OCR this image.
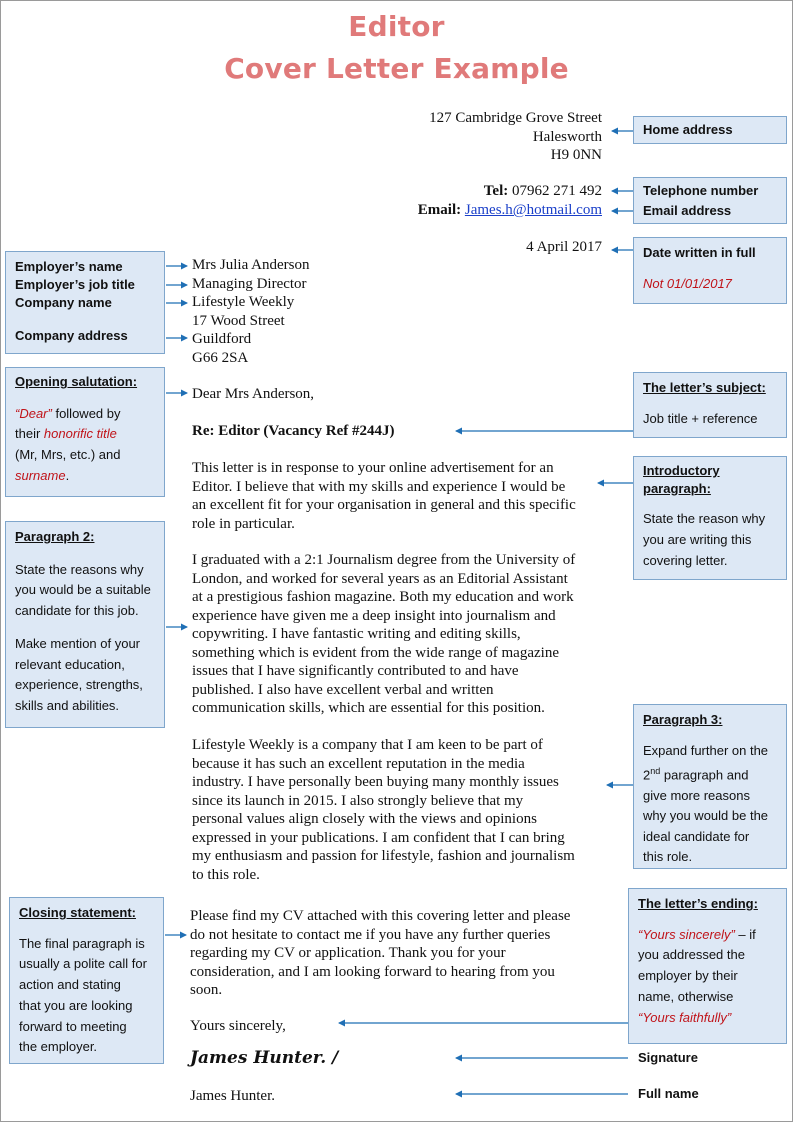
Editor
Cover Letter Example
127 Cambridge Grove Street
Halesworth
H9 0NN
Tel: 07962 271 492
Email: James.h@hotmail.com
4 April 2017
Mrs Julia Anderson
Managing Director
Lifestyle Weekly
17 Wood Street
Guildford
G66 2SA
Dear Mrs Anderson,
Re: Editor (Vacancy Ref #244J)
This letter is in response to your online advertisement for an
Editor. I believe that with my skills and experience I would be
an excellent fit for your organisation in general and this specific
role in particular.
I graduated with a 2:1 Journalism degree from the University of
London, and worked for several years as an Editorial Assistant
at a prestigious fashion magazine. Both my education and work
experience have given me a deep insight into journalism and
copywriting. I have fantastic writing and editing skills,
something which is evident from the wide range of magazine
issues that I have significantly contributed to and have
published. I also have excellent verbal and written
communication skills, which are essential for this position.
Lifestyle Weekly is a company that I am keen to be part of
because it has such an excellent reputation in the media
industry. I have personally been buying many monthly issues
since its launch in 2015. I also strongly believe that my
personal values align closely with the views and opinions
expressed in your publications. I am confident that I can bring
my enthusiasm and passion for lifestyle, fashion and journalism
to this role.
Please find my CV attached with this covering letter and please
do not hesitate to contact me if you have any further queries
regarding my CV or application. Thank you for your
consideration, and I am looking forward to hearing from you
soon.
Yours sincerely,
James Hunter. /
James Hunter.
Home address
Telephone number
Email address
Date written in full
Not 01/01/2017
The letter’s subject:
Job title + reference
Introductory
paragraph:
State the reason why
you are writing this
covering letter.
Paragraph 3:
Expand further on the
2nd paragraph and
give more reasons
why you would be the
ideal candidate for
this role.
The letter’s ending:
“Yours sincerely” – if
you addressed the
employer by their
name, otherwise
“Yours faithfully”
Signature
Full name
Employer’s name
Employer’s job title
Company name
Company address
Opening salutation:
“Dear” followed by
their honorific title
(Mr, Mrs, etc.) and
surname.
Paragraph 2:
State the reasons why
you would be a suitable
candidate for this job.
Make mention of your
relevant education,
experience, strengths,
skills and abilities.
Closing statement:
The final paragraph is
usually a polite call for
action and stating
that you are looking
forward to meeting
the employer.
